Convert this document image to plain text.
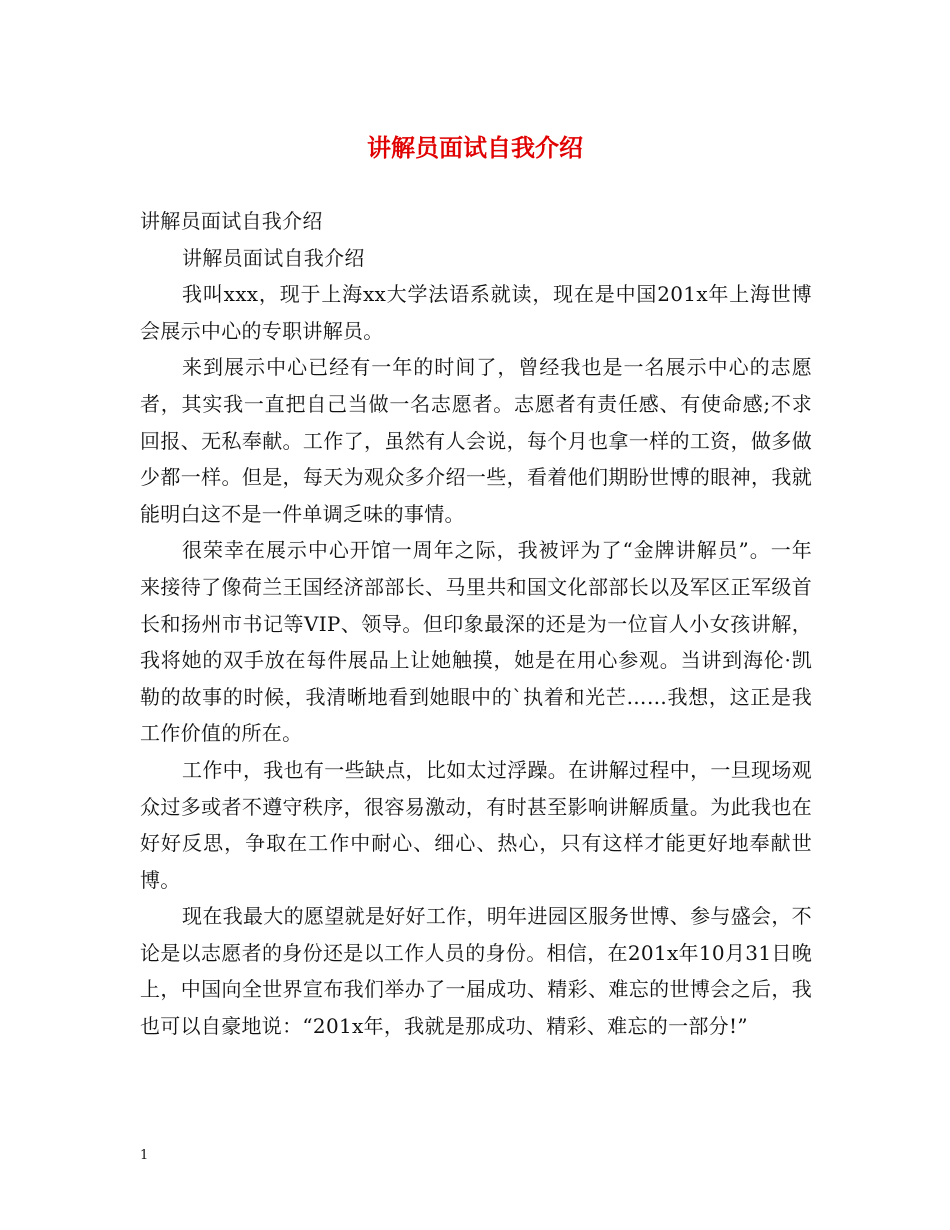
讲解员面试自我介绍

讲解员面试自我介绍

讲解员面试自我介绍

我叫xxx，现于上海xx大学法语系就读，现在是中国201x年上海世博会展示中心的专职讲解员。

来到展示中心已经有一年的时间了，曾经我也是一名展示中心的志愿者，其实我一直把自己当做一名志愿者。志愿者有责任感、有使命感;不求回报、无私奉献。工作了，虽然有人会说，每个月也拿一样的工资，做多做少都一样。但是，每天为观众多介绍一些，看着他们期盼世博的眼神，我就能明白这不是一件单调乏味的事情。

很荣幸在展示中心开馆一周年之际，我被评为了“金牌讲解员”。一年来接待了像荷兰王国经济部部长、马里共和国文化部部长以及军区正军级首长和扬州市书记等VIP、领导。但印象最深的还是为一位盲人小女孩讲解，我将她的双手放在每件展品上让她触摸，她是在用心参观。当讲到海伦·凯勒的故事的时候，我清晰地看到她眼中的`执着和光芒……我想，这正是我工作价值的所在。

工作中，我也有一些缺点，比如太过浮躁。在讲解过程中，一旦现场观众过多或者不遵守秩序，很容易激动，有时甚至影响讲解质量。为此我也在好好反思，争取在工作中耐心、细心、热心，只有这样才能更好地奉献世博。

现在我最大的愿望就是好好工作，明年进园区服务世博、参与盛会，不论是以志愿者的身份还是以工作人员的身份。相信，在201x年10月31日晚上，中国向全世界宣布我们举办了一届成功、精彩、难忘的世博会之后，我也可以自豪地说：“201x年，我就是那成功、精彩、难忘的一部分!”

1
